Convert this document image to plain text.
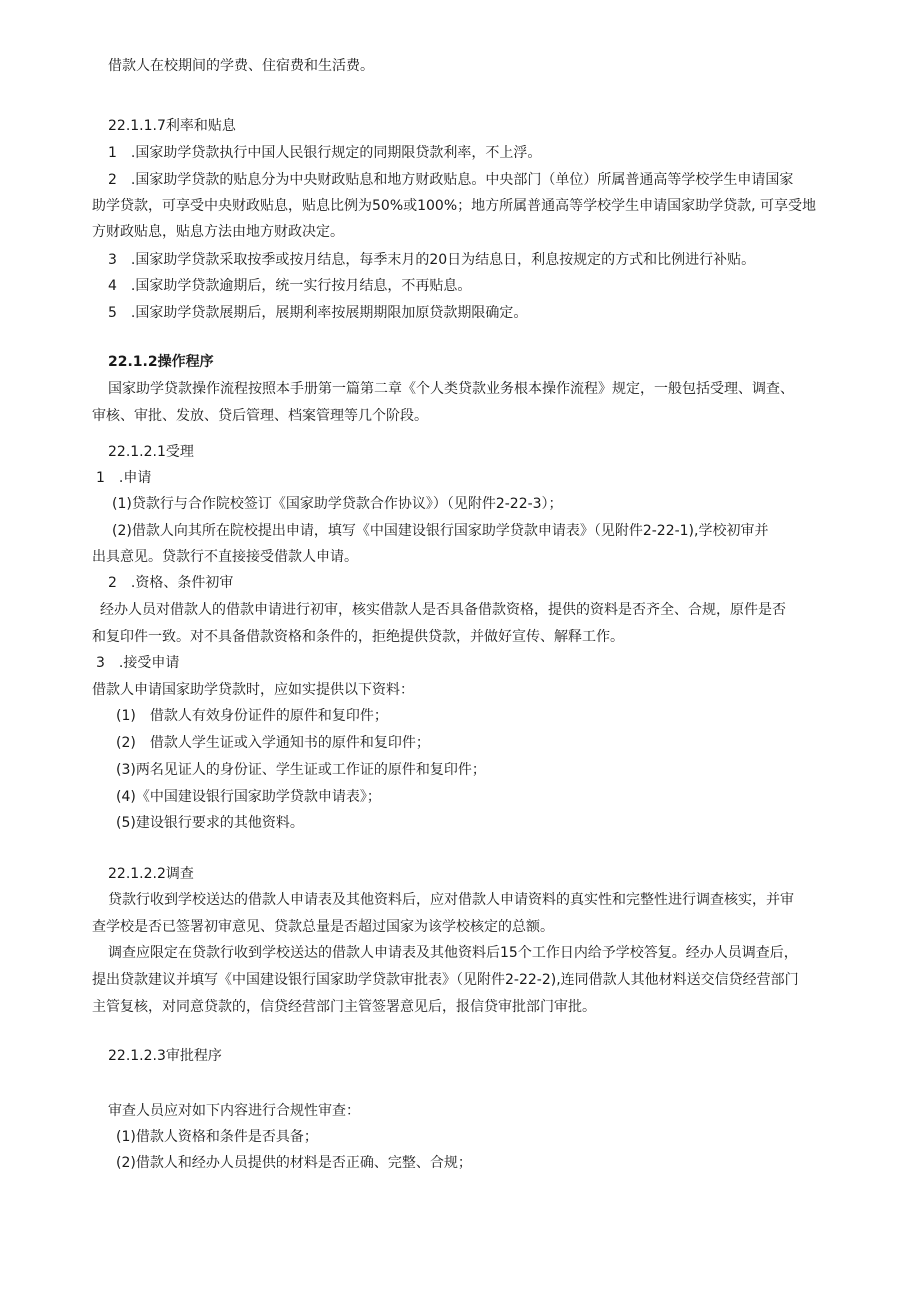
借款人在校期间的学费、住宿费和生活费。

22.1.1.7利率和贴息

1　.国家助学贷款执行中国人民银行规定的同期限贷款利率，不上浮。

2　.国家助学贷款的贴息分为中央财政贴息和地方财政贴息。中央部门（单位）所属普通高等学校学生申请国家

助学贷款，可享受中央财政贴息，贴息比例为50%或100%；地方所属普通高等学校学生申请国家助学贷款, 可享受地

方财政贴息，贴息方法由地方财政决定。

3　.国家助学贷款采取按季或按月结息，每季末月的20日为结息日，利息按规定的方式和比例进行补贴。

4　.国家助学贷款逾期后，统一实行按月结息，不再贴息。

5　.国家助学贷款展期后，展期利率按展期期限加原贷款期限确定。

22.1.2操作程序

国家助学贷款操作流程按照本手册第一篇第二章《个人类贷款业务根本操作流程》规定，一般包括受理、调查、

审核、审批、发放、贷后管理、档案管理等几个阶段。

22.1.2.1受理

1　.申请

(1)贷款行与合作院校签订《国家助学贷款合作协议》）（见附件2-22-3）；

(2)借款人向其所在院校提出申请，填写《中国建设银行国家助学贷款申请表》（见附件2-22-1),学校初审并

出具意见。贷款行不直接接受借款人申请。

2　.资格、条件初审

经办人员对借款人的借款申请进行初审，核实借款人是否具备借款资格，提供的资料是否齐全、合规，原件是否

和复印件一致。对不具备借款资格和条件的，拒绝提供贷款，并做好宣传、解释工作。

3　.接受申请

借款人申请国家助学贷款时，应如实提供以下资料：

(1)　借款人有效身份证件的原件和复印件；

(2)　借款人学生证或入学通知书的原件和复印件；

(3)两名见证人的身份证、学生证或工作证的原件和复印件；

(4)《中国建设银行国家助学贷款申请表》；

(5)建设银行要求的其他资料。

22.1.2.2调查

贷款行收到学校送达的借款人申请表及其他资料后，应对借款人申请资料的真实性和完整性进行调查核实，并审

查学校是否已签署初审意见、贷款总量是否超过国家为该学校核定的总额。

调查应限定在贷款行收到学校送达的借款人申请表及其他资料后15个工作日内给予学校答复。经办人员调查后，

提出贷款建议并填写《中国建设银行国家助学贷款审批表》（见附件2-22-2),连同借款人其他材料送交信贷经营部门

主管复核，对同意贷款的，信贷经营部门主管签署意见后，报信贷审批部门审批。

22.1.2.3审批程序

审查人员应对如下内容进行合规性审查：

(1)借款人资格和条件是否具备；

(2)借款人和经办人员提供的材料是否正确、完整、合规；
